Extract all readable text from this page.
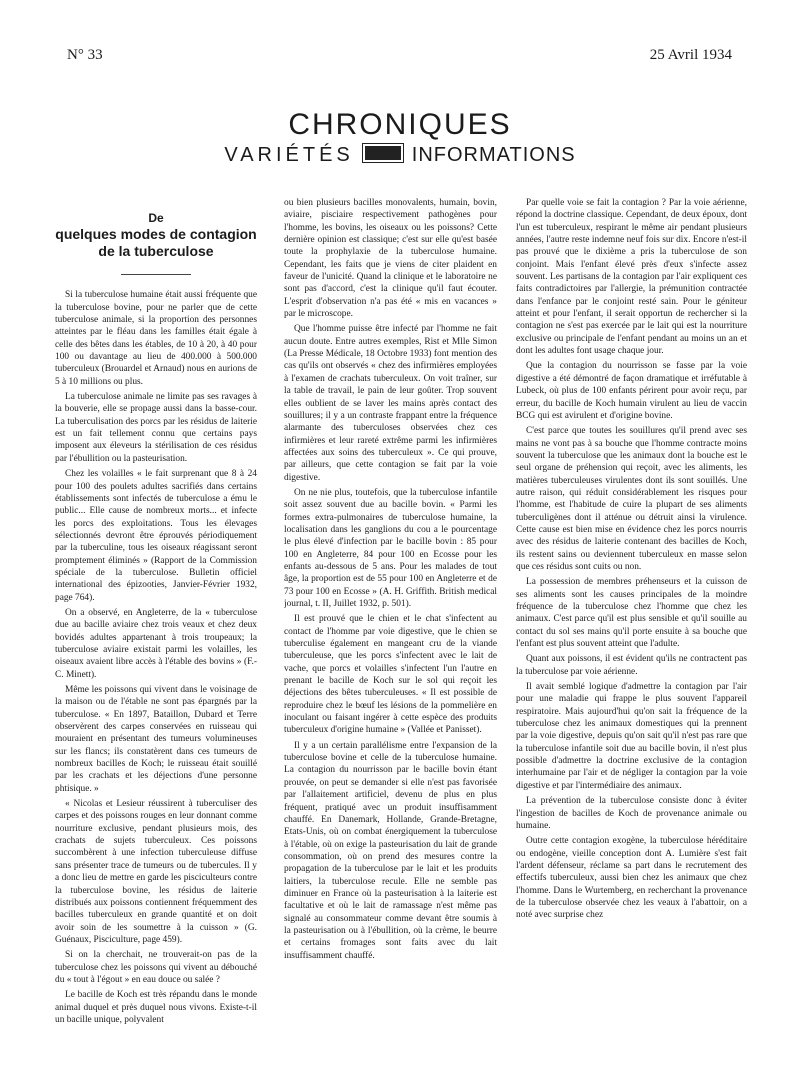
N° 33	25 Avril 1934
CHRONIQUES
VARIÉTÉS	INFORMATIONS
De
quelques modes de contagion de la tuberculose

Si la tuberculose humaine était aussi fréquente que la tuberculose bovine, pour ne parler que de cette tuberculose animale, si la proportion des personnes atteintes par le fléau dans les familles était égale à celle des bêtes dans les étables, de 10 à 20, à 40 pour 100 ou davantage au lieu de 400.000 à 500.000 tuberculeux (Brouardel et Arnaud) nous en aurions de 5 à 10 millions ou plus.

La tuberculose animale ne limite pas ses ravages à la bouverie, elle se propage aussi dans la basse-cour. La tuberculisation des porcs par les résidus de laiterie est un fait tellement connu que certains pays imposent aux éleveurs la stérilisation de ces résidus par l'ébullition ou la pasteurisation.

Chez les volailles « le fait surprenant que 8 à 24 pour 100 des poulets adultes sacrifiés dans certains établissements sont infectés de tuberculose a ému le public... Elle cause de nombreux morts... et infecte les porcs des exploitations. Tous les élevages sélectionnés devront être éprouvés périodiquement par la tuberculine, tous les oiseaux réagissant seront promptement éliminés » (Rapport de la Commission spéciale de la tuberculose. Bulletin officiel international des épizooties, Janvier-Février 1932, page 764).

On a observé, en Angleterre, de la « tuberculose due au bacille aviaire chez trois veaux et chez deux bovidés adultes appartenant à trois troupeaux; la tuberculose aviaire existait parmi les volailles, les oiseaux avaient libre accès à l'étable des bovins » (F.-C. Minett).

Même les poissons qui vivent dans le voisinage de la maison ou de l'étable ne sont pas épargnés par la tuberculose. « En 1897, Bataillon, Dubard et Terre observèrent des carpes conservées en ruisseau qui mouraient en présentant des tumeurs volumineuses sur les flancs; ils constatèrent dans ces tumeurs de nombreux bacilles de Koch; le ruisseau était souillé par les crachats et les déjections d'une personne phtisique. »

« Nicolas et Lesieur réussirent à tuberculiser des carpes et des poissons rouges en leur donnant comme nourriture exclusive, pendant plusieurs mois, des crachats de sujets tuberculeux. Ces poissons succombèrent à une infection tuberculeuse diffuse sans présenter trace de tumeurs ou de tubercules. Il y a donc lieu de mettre en garde les pisciculteurs contre la tuberculose bovine, les résidus de laiterie distribués aux poissons contiennent fréquemment des bacilles tuberculeux en grande quantité et on doit avoir soin de les soumettre à la cuisson » (G. Guénaux, Pisciculture, page 459).

Si on la cherchait, ne trouverait-on pas de la tuberculose chez les poissons qui vivent au débouché du « tout à l'égout » en eau douce ou salée ?

Le bacille de Koch est très répandu dans le monde animal duquel et près duquel nous vivons. Existe-t-il un bacille unique, polyvalent

ou bien plusieurs bacilles monovalents, humain, bovin, aviaire, pisciaire respectivement pathogènes pour l'homme, les bovins, les oiseaux ou les poissons? Cette dernière opinion est classique; c'est sur elle qu'est basée toute la prophylaxie de la tuberculose humaine. Cependant, les faits que je viens de citer plaident en faveur de l'unicité. Quand la clinique et le laboratoire ne sont pas d'accord, c'est la clinique qu'il faut écouter. L'esprit d'observation n'a pas été « mis en vacances » par le microscope.

Que l'homme puisse être infecté par l'homme ne fait aucun doute. Entre autres exemples, Rist et Mlle Simon (La Presse Médicale, 18 Octobre 1933) font mention des cas qu'ils ont observés « chez des infirmières employées à l'examen de crachats tuberculeux. On voit traîner, sur la table de travail, le pain de leur goûter. Trop souvent elles oublient de se laver les mains après contact des souillures; il y a un contraste frappant entre la fréquence alarmante des tuberculoses observées chez ces infirmières et leur rareté extrême parmi les infirmières affectées aux soins des tuberculeux ». Ce qui prouve, par ailleurs, que cette contagion se fait par la voie digestive.

On ne nie plus, toutefois, que la tuberculose infantile soit assez souvent due au bacille bovin. « Parmi les formes extra-pulmonaires de tuberculose humaine, la localisation dans les ganglions du cou a le pourcentage le plus élevé d'infection par le bacille bovin : 85 pour 100 en Angleterre, 84 pour 100 en Ecosse pour les enfants au-dessous de 5 ans. Pour les malades de tout âge, la proportion est de 55 pour 100 en Angleterre et de 73 pour 100 en Ecosse » (A. H. Griffith. British medical journal, t. II, Juillet 1932, p. 501).

Il est prouvé que le chien et le chat s'infectent au contact de l'homme par voie digestive, que le chien se tuberculise également en mangeant cru de la viande tuberculeuse, que les porcs s'infectent avec le lait de vache, que porcs et volailles s'infectent l'un l'autre en prenant le bacille de Koch sur le sol qui reçoit les déjections des bêtes tuberculeuses. « Il est possible de reproduire chez le bœuf les lésions de la pommelière en inoculant ou faisant ingérer à cette espèce des produits tuberculeux d'origine humaine » (Vallée et Panisset).

Il y a un certain parallélisme entre l'expansion de la tuberculose bovine et celle de la tuberculose humaine. La contagion du nourrisson par le bacille bovin étant prouvée, on peut se demander si elle n'est pas favorisée par l'allaitement artificiel, devenu de plus en plus fréquent, pratiqué avec un produit insuffisamment chauffé. En Danemark, Hollande, Grande-Bretagne, Etats-Unis, où on combat énergiquement la tuberculose à l'étable, où on exige la pasteurisation du lait de grande consommation, où on prend des mesures contre la propagation de la tuberculose par le lait et les produits laitiers, la tuberculose recule. Elle ne semble pas diminuer en France où la pasteurisation à la laiterie est facultative et où le lait de ramassage n'est même pas signalé au consommateur comme devant être soumis à la pasteurisation ou à l'ébullition, où la crème, le beurre et certains fromages sont faits avec du lait insuffisamment chauffé.

Par quelle voie se fait la contagion ? Par la voie aérienne, répond la doctrine classique. Cependant, de deux époux, dont l'un est tuberculeux, respirant le même air pendant plusieurs années, l'autre reste indemne neuf fois sur dix. Encore n'est-il pas prouvé que le dixième a pris la tuberculose de son conjoint. Mais l'enfant élevé près d'eux s'infecte assez souvent. Les partisans de la contagion par l'air expliquent ces faits contradictoires par l'allergie, la prémunition contractée dans l'enfance par le conjoint resté sain. Pour le géniteur atteint et pour l'enfant, il serait opportun de rechercher si la contagion ne s'est pas exercée par le lait qui est la nourriture exclusive ou principale de l'enfant pendant au moins un an et dont les adultes font usage chaque jour.

Que la contagion du nourrisson se fasse par la voie digestive a été démontré de façon dramatique et irréfutable à Lubeck, où plus de 100 enfants périrent pour avoir reçu, par erreur, du bacille de Koch humain virulent au lieu de vaccin BCG qui est avirulent et d'origine bovine.

C'est parce que toutes les souillures qu'il prend avec ses mains ne vont pas à sa bouche que l'homme contracte moins souvent la tuberculose que les animaux dont la bouche est le seul organe de préhension qui reçoit, avec les aliments, les matières tuberculeuses virulentes dont ils sont souillés. Une autre raison, qui réduit considérablement les risques pour l'homme, est l'habitude de cuire la plupart de ses aliments tuberculigènes dont il atténue ou détruit ainsi la virulence. Cette cause est bien mise en évidence chez les porcs nourris avec des résidus de laiterie contenant des bacilles de Koch, ils restent sains ou deviennent tuberculeux en masse selon que ces résidus sont cuits ou non.

La possession de membres préhenseurs et la cuisson de ses aliments sont les causes principales de la moindre fréquence de la tuberculose chez l'homme que chez les animaux. C'est parce qu'il est plus sensible et qu'il souille au contact du sol ses mains qu'il porte ensuite à sa bouche que l'enfant est plus souvent atteint que l'adulte.

Quant aux poissons, il est évident qu'ils ne contractent pas la tuberculose par voie aérienne.

Il avait semblé logique d'admettre la contagion par l'air pour une maladie qui frappe le plus souvent l'appareil respiratoire. Mais aujourd'hui qu'on sait la fréquence de la tuberculose chez les animaux domestiques qui la prennent par la voie digestive, depuis qu'on sait qu'il n'est pas rare que la tuberculose infantile soit due au bacille bovin, il n'est plus possible d'admettre la doctrine exclusive de la contagion interhumaine par l'air et de négliger la contagion par la voie digestive et par l'intermédiaire des animaux.

La prévention de la tuberculose consiste donc à éviter l'ingestion de bacilles de Koch de provenance animale ou humaine.

Outre cette contagion exogène, la tuberculose héréditaire ou endogène, vieille conception dont A. Lumière s'est fait l'ardent défenseur, réclame sa part dans le recrutement des effectifs tuberculeux, aussi bien chez les animaux que chez l'homme. Dans le Wurtemberg, en recherchant la provenance de la tuberculose observée chez les veaux à l'abattoir, on a noté avec surprise chez
